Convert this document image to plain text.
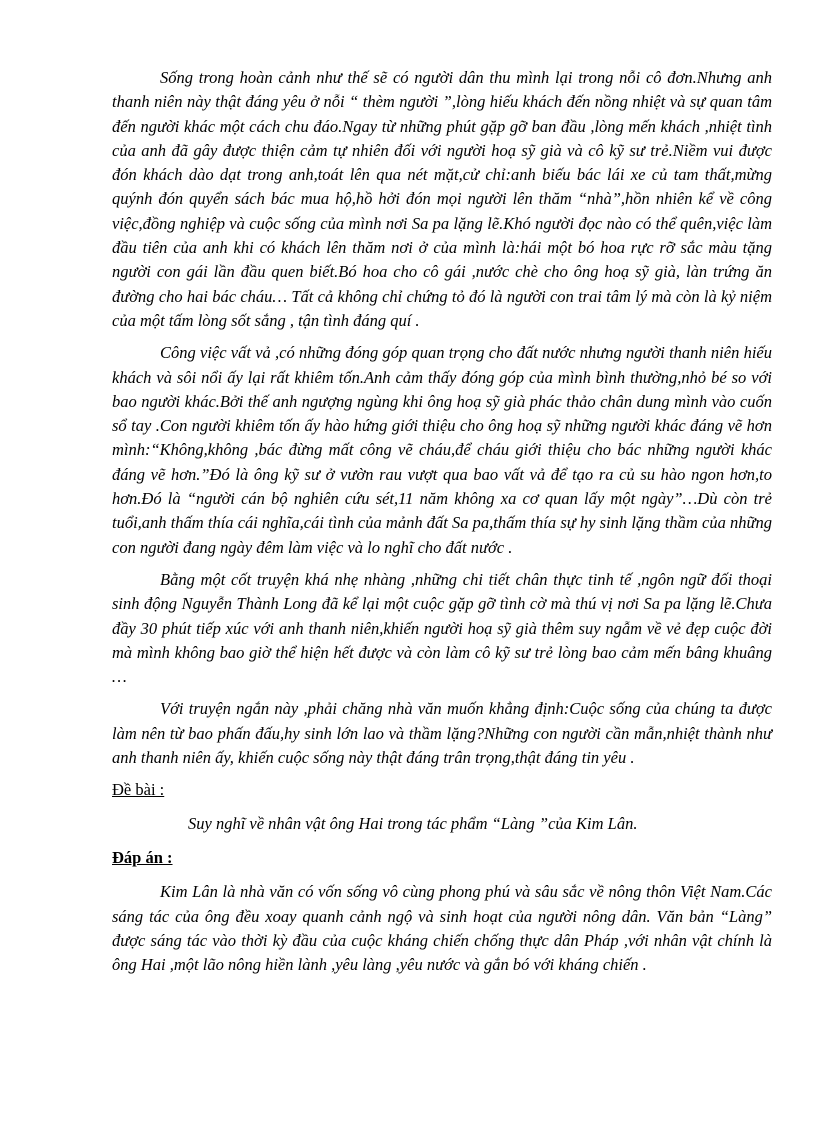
Sống trong hoàn cảnh như thế sẽ có người dân thu mình lại trong nỗi cô đơn.Nhưng anh thanh niên này thật đáng yêu ở nỗi “ thèm người ”,lòng hiếu khách đến nồng nhiệt và sự quan tâm đến người khác một cách chu đáo.Ngay từ những phút gặp gỡ ban đầu ,lòng mến khách ,nhiệt tình của anh đã gây được thiện cảm tự nhiên đối với người hoạ sỹ già và cô kỹ sư trẻ.Niềm vui được đón khách dào dạt trong anh,toát lên qua nét mặt,cử chỉ:anh biếu bác lái xe củ tam thất,mừng quýnh đón quyển sách bác mua hộ,hồ hởi đón mọi người lên thăm “nhà”,hồn nhiên kể về công việc,đồng nghiệp và cuộc sống của mình nơi Sa pa lặng lẽ.Khó người đọc nào có thể quên,việc làm đầu tiên của anh khi có khách lên thăm nơi ở của mình là:hái một bó hoa rực rỡ sắc màu tặng người con gái lần đầu quen biết.Bó hoa cho cô gái ,nước chè cho ông hoạ sỹ già, làn trứng ăn đường cho hai bác cháu… Tất cả không chỉ chứng tỏ đó là người con trai tâm lý mà còn là kỷ niệm của một tấm lòng sốt sắng , tận tình đáng quí .

Công việc vất vả ,có những đóng góp quan trọng cho đất nước nhưng người thanh niên hiếu khách và sôi nổi ấy lại rất khiêm tốn.Anh cảm thấy đóng góp của mình bình thường,nhỏ bé so với bao người khác.Bởi thế anh ngượng ngùng khi ông hoạ sỹ già phác thảo chân dung mình vào cuốn sổ tay .Con người khiêm tốn ấy hào hứng giới thiệu cho ông hoạ sỹ những người khác đáng vẽ hơn mình:“Không,không ,bác đừng mất công vẽ cháu,để cháu giới thiệu cho bác những người khác đáng vẽ hơn.”Đó là ông kỹ sư ở vườn rau vượt qua bao vất vả để tạo ra củ su hào ngon hơn,to hơn.Đó là “người cán bộ nghiên cứu sét,11 năm không xa cơ quan lấy một ngày”…Dù còn trẻ tuổi,anh thấm thía cái nghĩa,cái tình của mảnh đất Sa pa,thấm thía sự hy sinh lặng thầm của những con người đang ngày đêm làm việc và lo nghĩ cho đất nước .

Bằng một cốt truyện khá nhẹ nhàng ,những chi tiết chân thực tinh tế ,ngôn ngữ đối thoại sinh động Nguyễn Thành Long đã kể lại một cuộc gặp gỡ tình cờ mà thú vị nơi Sa pa lặng lẽ.Chưa đầy 30 phút tiếp xúc với anh thanh niên,khiến người hoạ sỹ già thêm suy ngẫm về vẻ đẹp cuộc đời mà mình không bao giờ thể hiện hết được và còn làm cô kỹ sư trẻ lòng bao cảm mến bâng khuâng …

Với truyện ngắn này ,phải chăng nhà văn muốn khẳng định:Cuộc sống của chúng ta được làm nên từ bao phấn đấu,hy sinh lớn lao và thầm lặng?Những con người cần mẫn,nhiệt thành như anh thanh niên ấy, khiến cuộc sống này thật đáng trân trọng,thật đáng tin yêu .

Đề bài :

Suy nghĩ về nhân vật ông Hai trong tác phẩm “Làng ”của Kim Lân.

Đáp án :

Kim Lân là nhà văn có vốn sống vô cùng phong phú và sâu sắc về nông thôn Việt Nam.Các sáng tác của ông đều xoay quanh cảnh ngộ và sinh hoạt của người nông dân. Văn bản “Làng” được sáng tác vào thời kỳ đầu của cuộc kháng chiến chống thực dân Pháp ,với nhân vật chính là ông Hai ,một lão nông hiền lành ,yêu làng ,yêu nước và gắn bó với kháng chiến .
